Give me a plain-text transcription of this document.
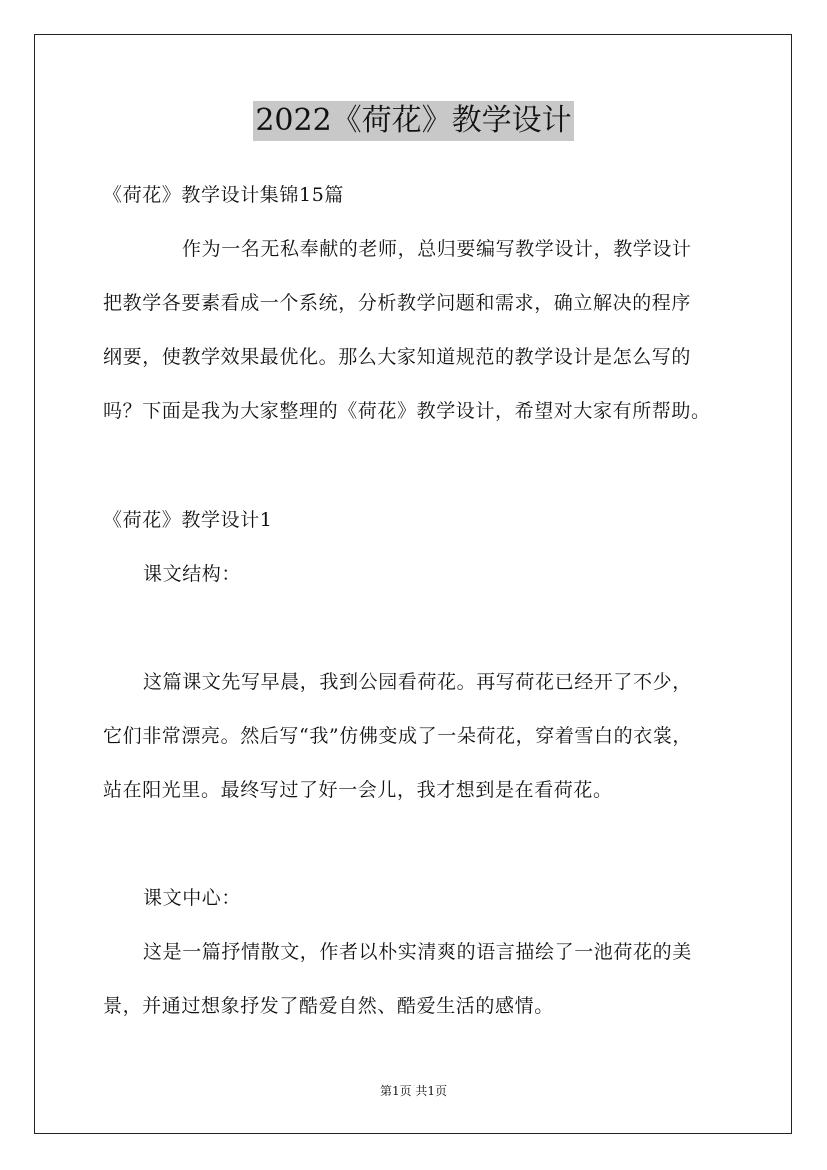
2022《荷花》教学设计
《荷花》教学设计集锦15篇
作为一名无私奉献的老师，总归要编写教学设计，教学设计
把教学各要素看成一个系统，分析教学问题和需求，确立解决的程序
纲要，使教学效果最优化。那么大家知道规范的教学设计是怎么写的
吗？下面是我为大家整理的《荷花》教学设计，希望对大家有所帮助。
《荷花》教学设计1
课文结构：
这篇课文先写早晨，我到公园看荷花。再写荷花已经开了不少，
它们非常漂亮。然后写“我”仿佛变成了一朵荷花，穿着雪白的衣裳，
站在阳光里。最终写过了好一会儿，我才想到是在看荷花。
课文中心：
这是一篇抒情散文，作者以朴实清爽的语言描绘了一池荷花的美
景，并通过想象抒发了酷爱自然、酷爱生活的感情。
第1页 共1页
